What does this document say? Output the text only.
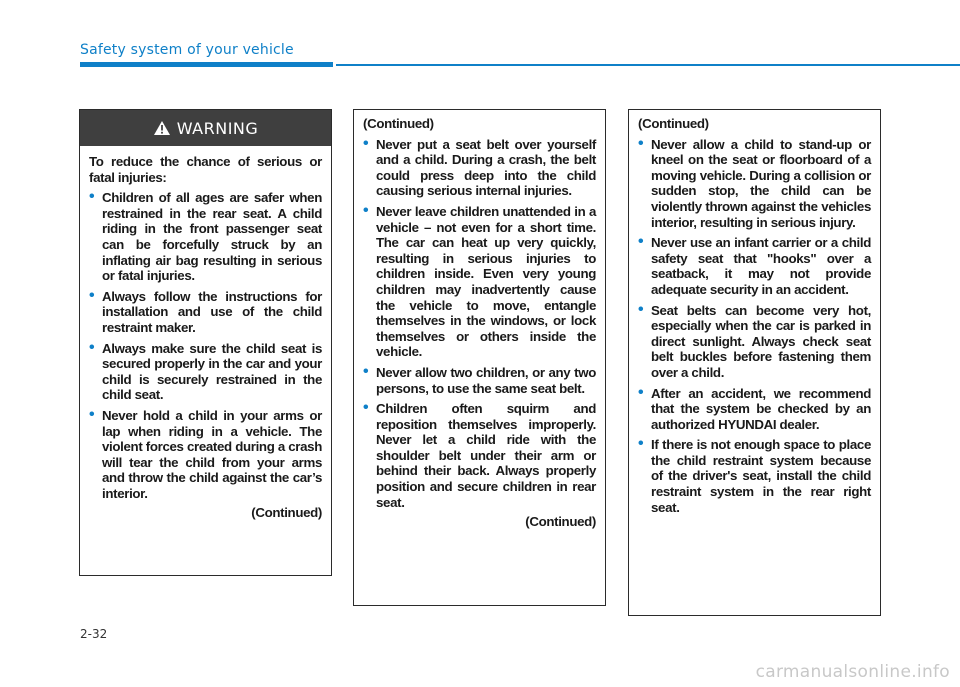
Safety system of your vehicle
WARNING

To reduce the chance of serious or fatal injuries:

• Children of all ages are safer when restrained in the rear seat. A child riding in the front passenger seat can be forcefully struck by an inflating air bag resulting in serious or fatal injuries.
• Always follow the instructions for installation and use of the child restraint maker.
• Always make sure the child seat is secured properly in the car and your child is securely restrained in the child seat.
• Never hold a child in your arms or lap when riding in a vehicle. The violent forces created during a crash will tear the child from your arms and throw the child against the car’s interior.

(Continued)

(Continued)

• Never put a seat belt over yourself and a child. During a crash, the belt could press deep into the child causing serious internal injuries.
• Never leave children unattended in a vehicle – not even for a short time. The car can heat up very quickly, resulting in serious injuries to children inside. Even very young children may inadvertently cause the vehicle to move, entangle themselves in the windows, or lock themselves or others inside the vehicle.
• Never allow two children, or any two persons, to use the same seat belt.
• Children often squirm and reposition themselves improperly. Never let a child ride with the shoulder belt under their arm or behind their back. Always properly position and secure children in rear seat.

(Continued)

(Continued)

• Never allow a child to stand-up or kneel on the seat or floorboard of a moving vehicle. During a collision or sudden stop, the child can be violently thrown against the vehicles interior, resulting in serious injury.
• Never use an infant carrier or a child safety seat that "hooks" over a seatback, it may not provide adequate security in an accident.
• Seat belts can become very hot, especially when the car is parked in direct sunlight. Always check seat belt buckles before fastening them over a child.
• After an accident, we recommend that the system be checked by an authorized HYUNDAI dealer.
• If there is not enough space to place the child restraint system because of the driver's seat, install the child restraint system in the rear right seat.
2-32
carmanualsonline.info
